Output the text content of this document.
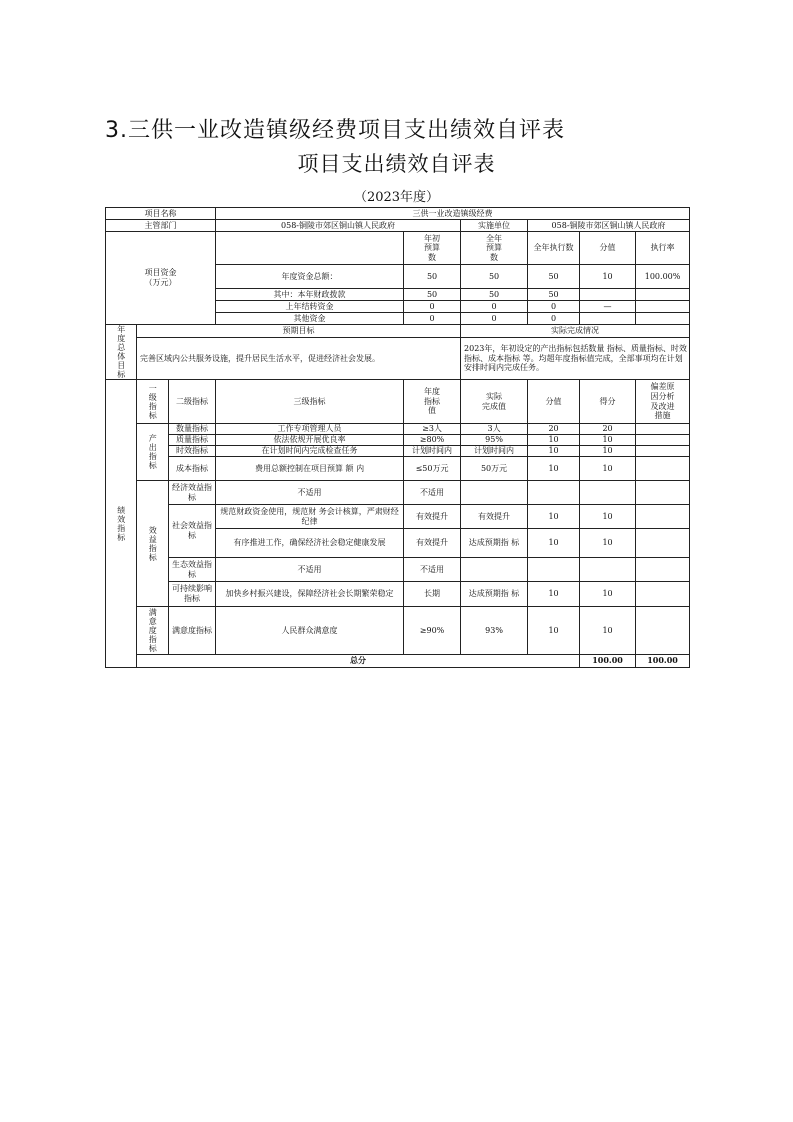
3.三供一业改造镇级经费项目支出绩效自评表
项目支出绩效自评表
（2023年度）
项目名称			三供一业改造镇级经费						
主管部门			058-铜陵市郊区铜山镇人民政府		实施单位	058-铜陵市郊区铜山镇人民政府			
项目资金
（万元）				年初
预算
数	全年
预算
数	全年执行数	分值	执行率	
			年度资金总额：	50	50	50	10	100.00%	
			其中：本年财政拨款	50	50	50			
			上年结转资金	0	0	0	—		
			其他资金	0	0	0			

年度总体目标	预期目标				实际完成情况				
	完善区域内公共服务设施，提升居民生活水平，促进经济社会发展。				2023年，年初设定的产出指标包括数量 指标、质量指标、时效指标、成本指标 等。均超年度指标值完成，全部事项均在计划安排时间内完成任务。				

绩效指标	一级指标	二级指标	三级指标	年度
指标
值	实际
完成值	分值	得分	偏差原
因分析
及改进
措施	

	产出指标	数量指标	工作专项管理人员	≥3人	3人	20	20		
		质量指标	依法依规开展优良率	≥80%	95%	10	10		
		时效指标	在计划时间内完成检查任务	计划时间内	计划时间内	10	10		
		成本指标	费用总额控制在项目预算 额 内	≤50万元	50万元	10	10		

	效益指标	经济效益指标	不适用	不适用					
		社会效益指标	规范财政资金使用，规范财 务会计核算，严肃财经纪律	有效提升	有效提升	10	10		
			有序推进工作，确保经济社会稳定健康发展	有效提升	达成预期指 标	10	10		
		生态效益指标	不适用	不适用					
		可持续影响指标	加快乡村振兴建设，保障经济社会长期繁荣稳定	长期	达成预期指 标	10	10		

	满意度指标	满意度指标	人民群众满意度	≥90%	93%	10	10		
	总分						100.00	100.00	
